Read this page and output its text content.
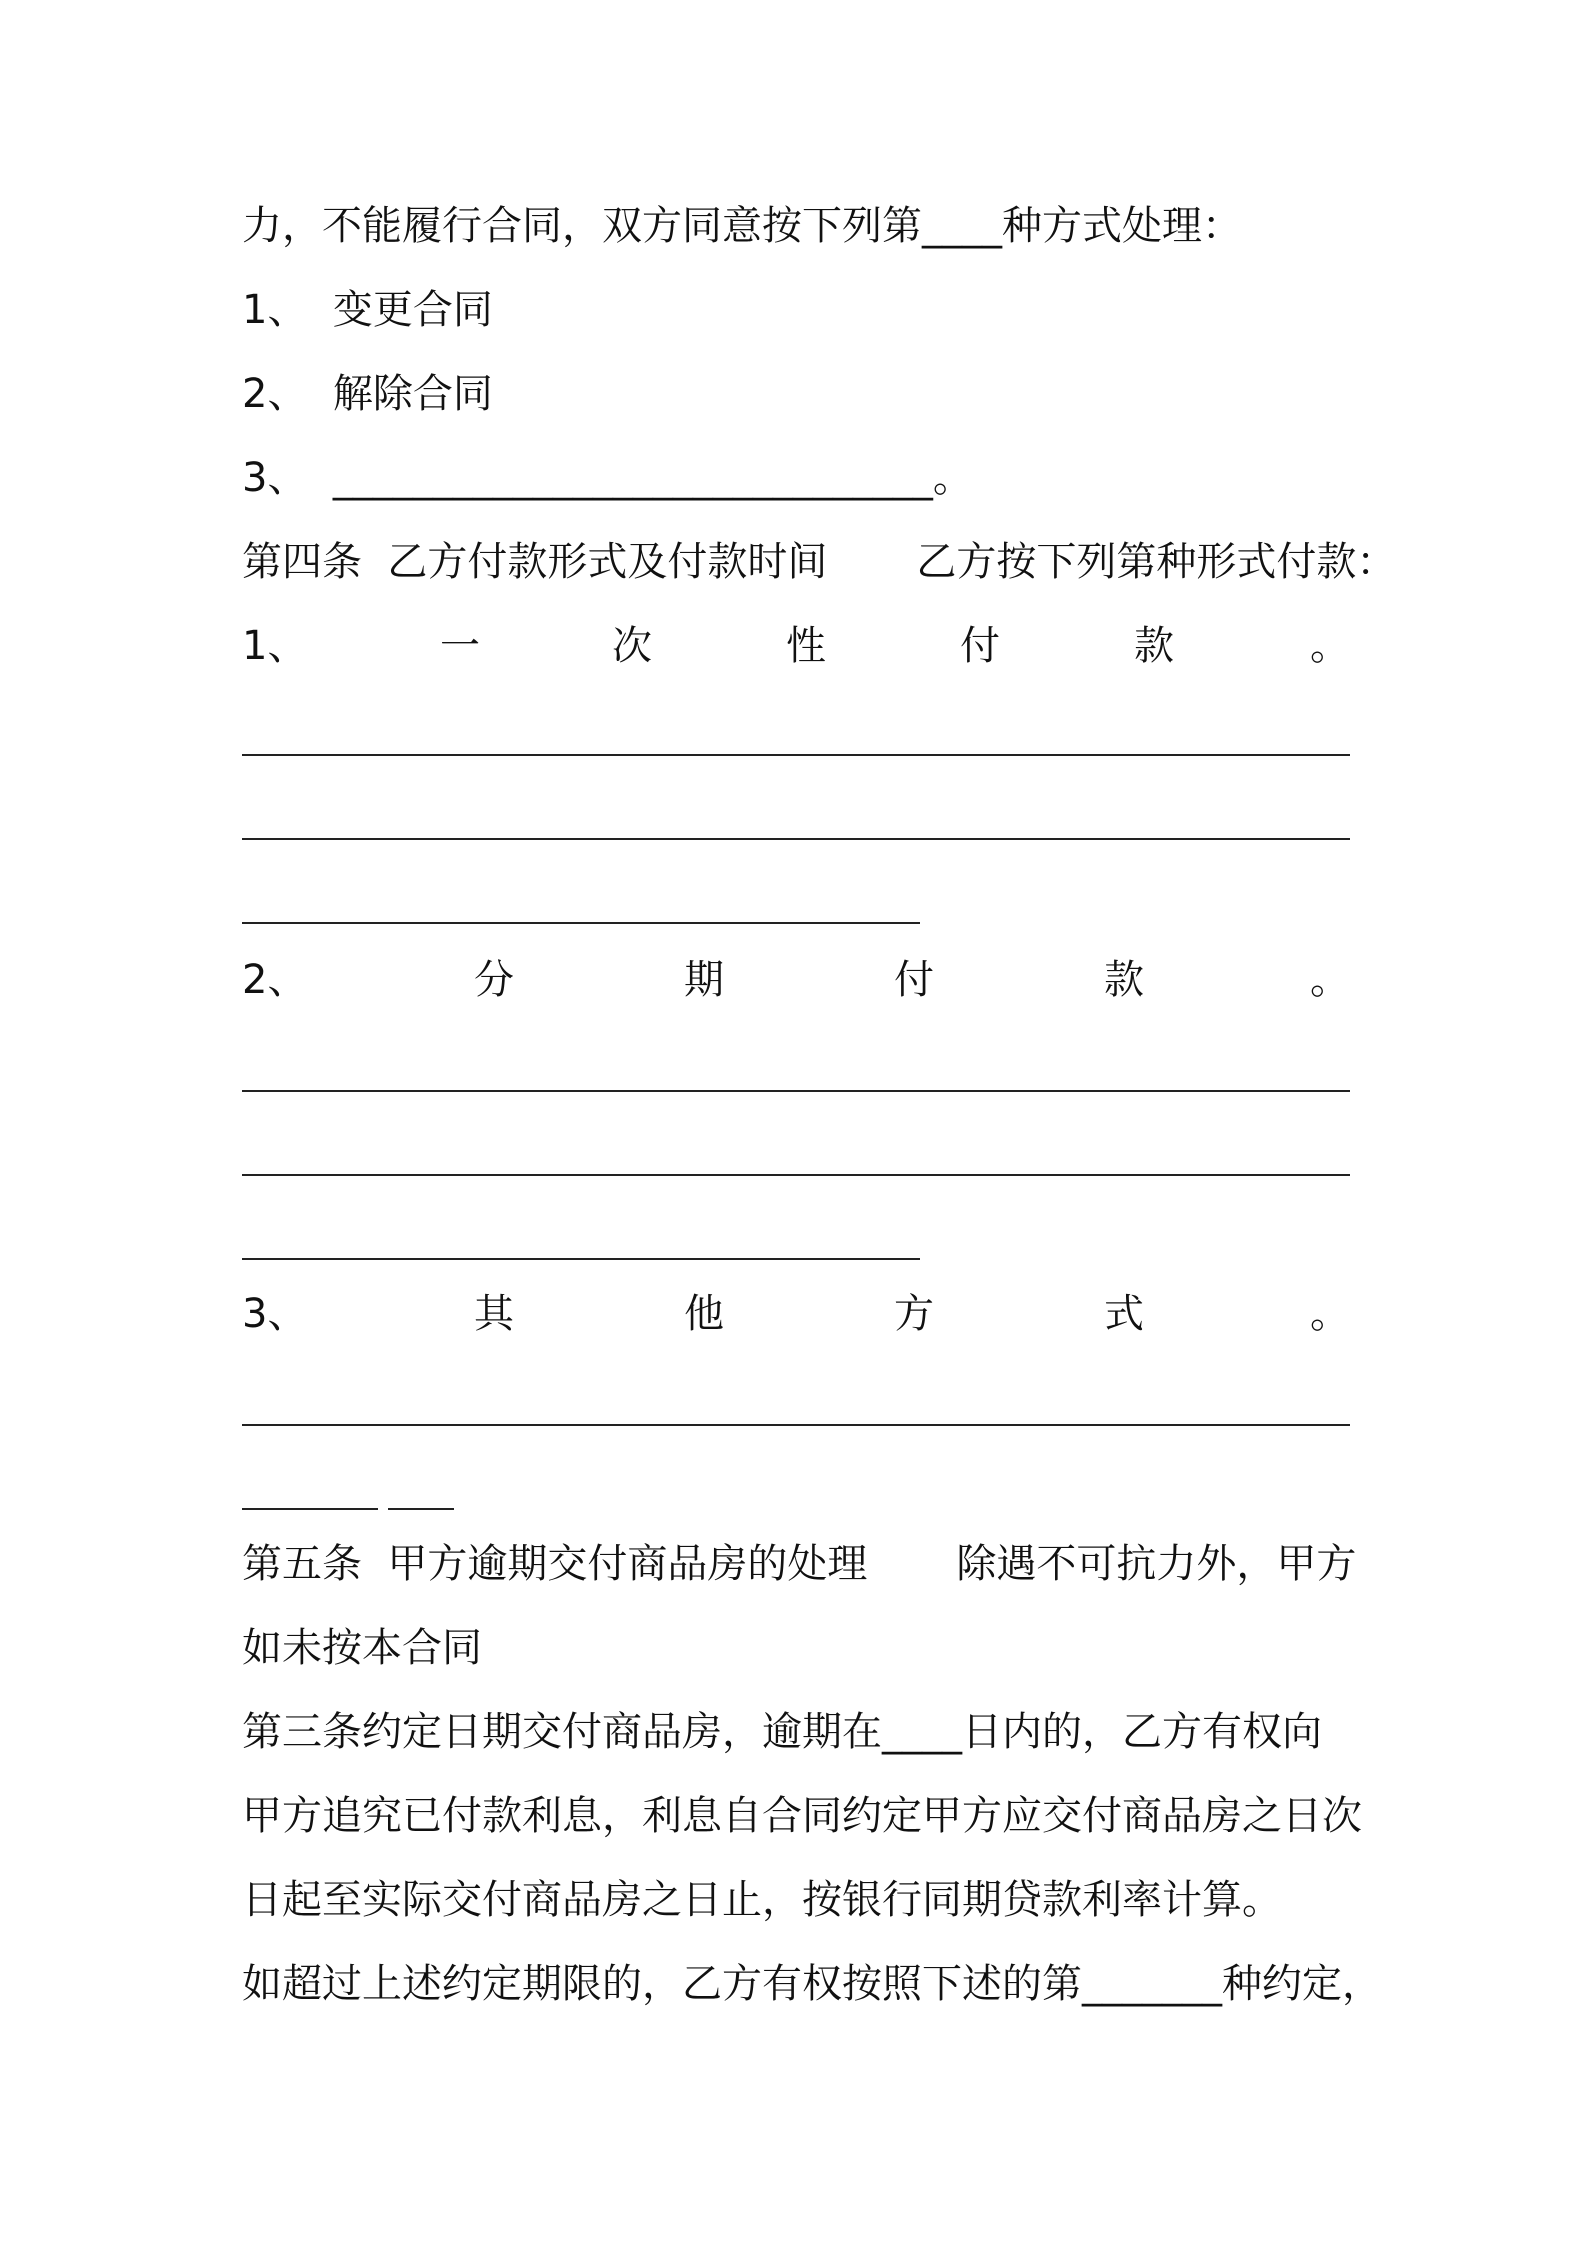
力，不能履行合同，双方同意按下列第____种方式处理：
1、  变更合同
2、  解除合同
3、  ______________________________。
第四条  乙方付款形式及付款时间       乙方按下列第种形式付款：
1、	一	次	性	付	款	。
2、	分	期	付	款	。
3、	其	他	方	式	。
第五条  甲方逾期交付商品房的处理       除遇不可抗力外，甲方
如未按本合同
第三条约定日期交付商品房，逾期在____日内的，乙方有权向
甲方追究已付款利息，利息自合同约定甲方应交付商品房之日次
日起至实际交付商品房之日止，按银行同期贷款利率计算。
如超过上述约定期限的，乙方有权按照下述的第_______种约定，
